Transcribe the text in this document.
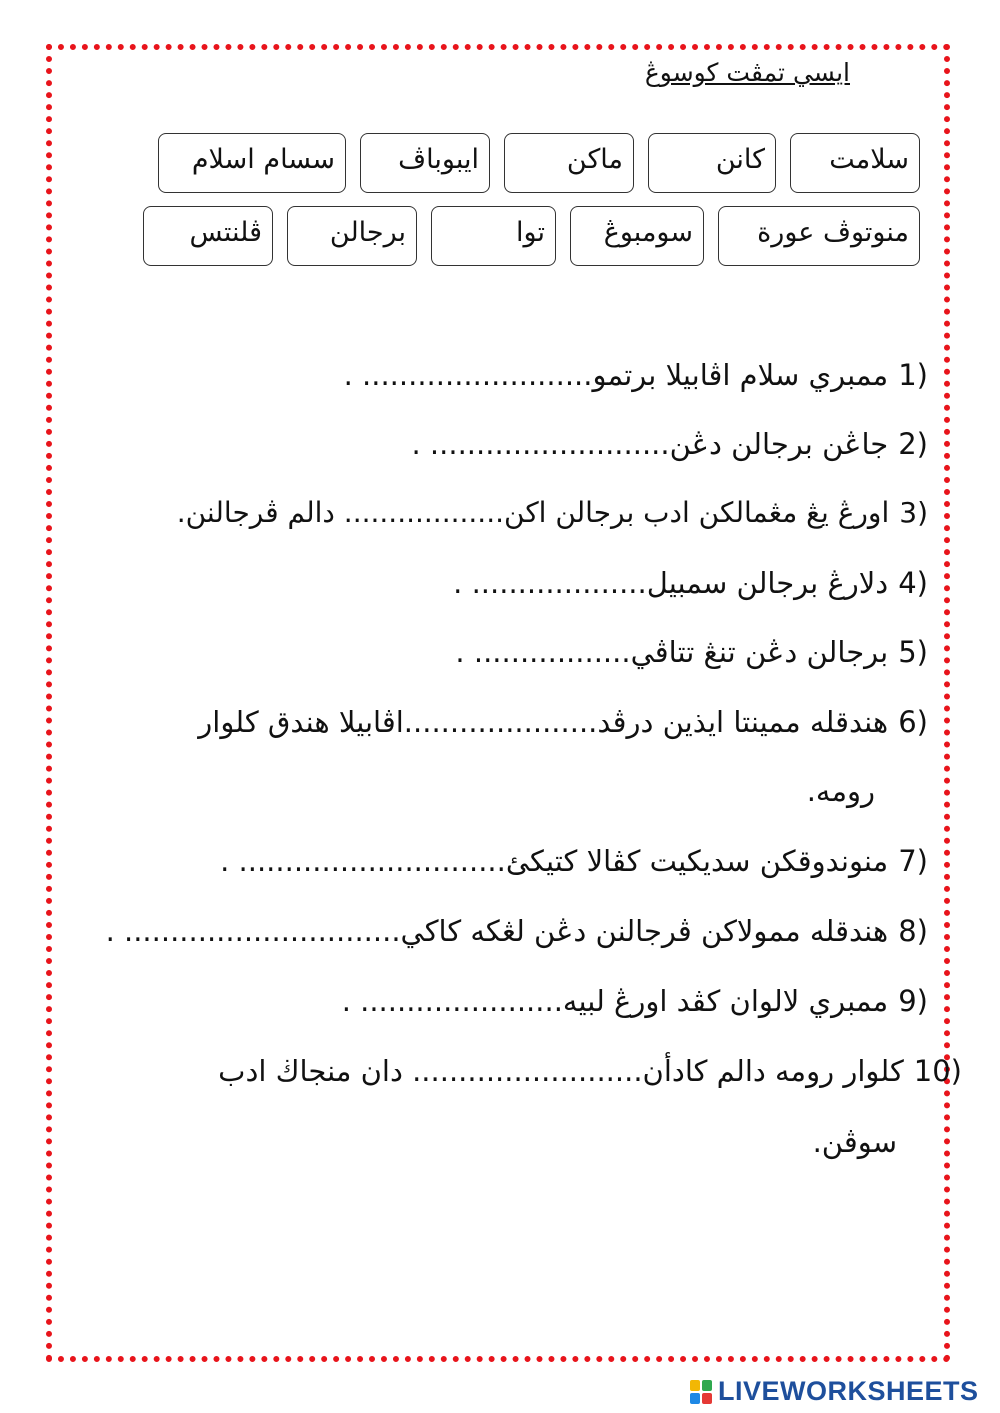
ايسي تمڤت كوسوڠ
سلامت
كانن
ماكن
ايبوباڤ
سسام اسلام
منوتوڤ عورة
سومبوڠ
توا
برجالن
ڤلنتس
(1ممبري سلام اڤابيلا برتمو......................... .
(2جاڠن برجالن دڠن.......................... .
(3اورڠ يڠ مڠمالكن ادب برجالن اكن.................. دالم ڤرجالنن.
(4دلارڠ برجالن سمبيل................... .
(5برجالن دڠن تنڠ تتاڤي................. .
(6هندقله ممينتا ايذين درڤد.....................اڤابيلا هندق كلوار
رومه.
(7منوندوقكن سديكيت كڤالا كتيكئ............................. .
(8هندقله ممولاكن ڤرجالنن دڠن لڠكه كاكي.............................. .
(9ممبري لالوان كڤد اورڠ لبيه...................... .
(10كلوار رومه دالم كادأن......................... دان منجاڬ ادب
سوڤن.
LIVEWORKSHEETS
